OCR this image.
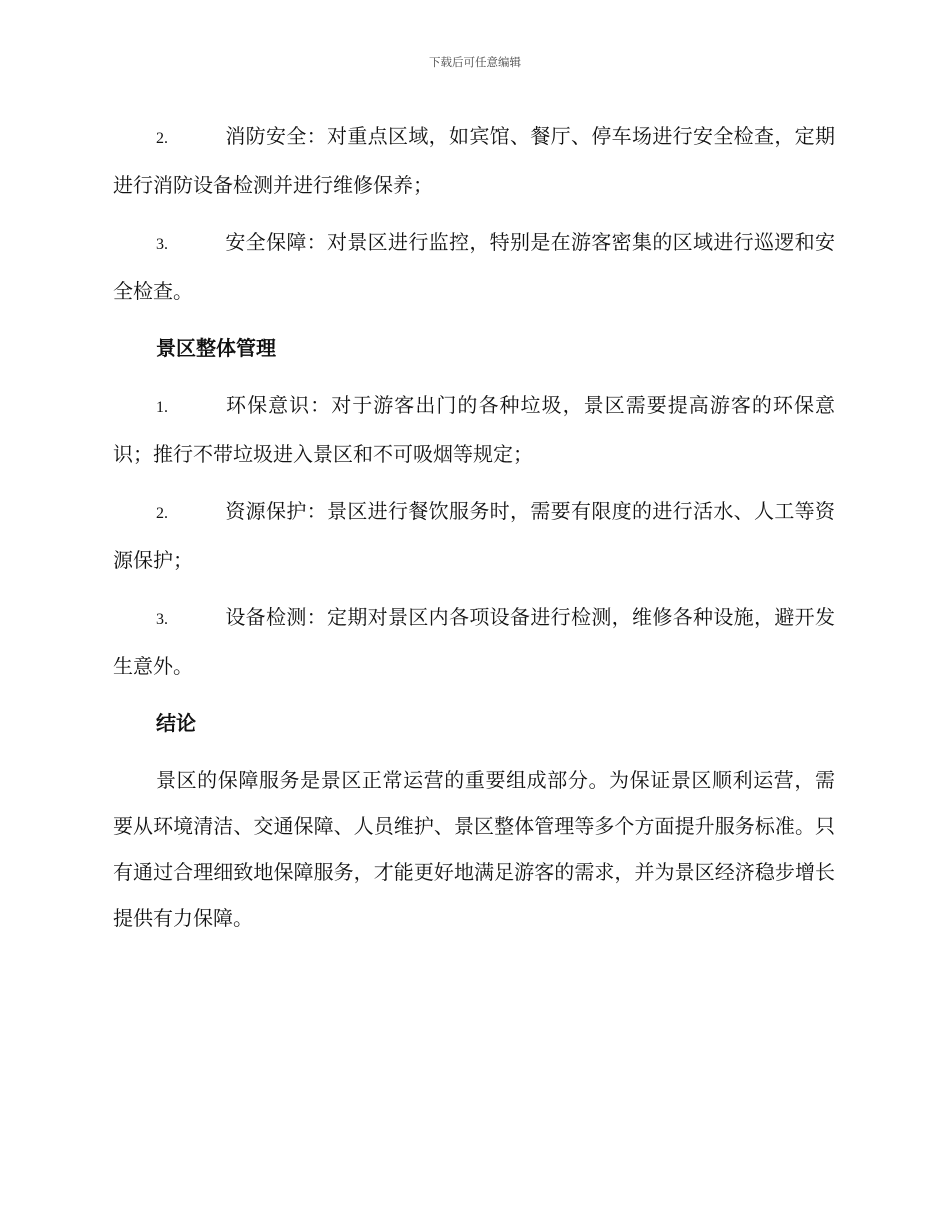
下载后可任意编辑

2.	消防安全：对重点区域，如宾馆、餐厅、停车场进行安全检查，定期进行消防设备检测并进行维修保养；

3.	安全保障：对景区进行监控，特别是在游客密集的区域进行巡逻和安全检查。

景区整体管理

1.	环保意识：对于游客出门的各种垃圾，景区需要提高游客的环保意识；推行不带垃圾进入景区和不可吸烟等规定；

2.	资源保护：景区进行餐饮服务时，需要有限度的进行活水、人工等资源保护；

3.	设备检测：定期对景区内各项设备进行检测，维修各种设施，避开发生意外。

结论

景区的保障服务是景区正常运营的重要组成部分。为保证景区顺利运营，需要从环境清洁、交通保障、人员维护、景区整体管理等多个方面提升服务标准。只有通过合理细致地保障服务，才能更好地满足游客的需求，并为景区经济稳步增长提供有力保障。
